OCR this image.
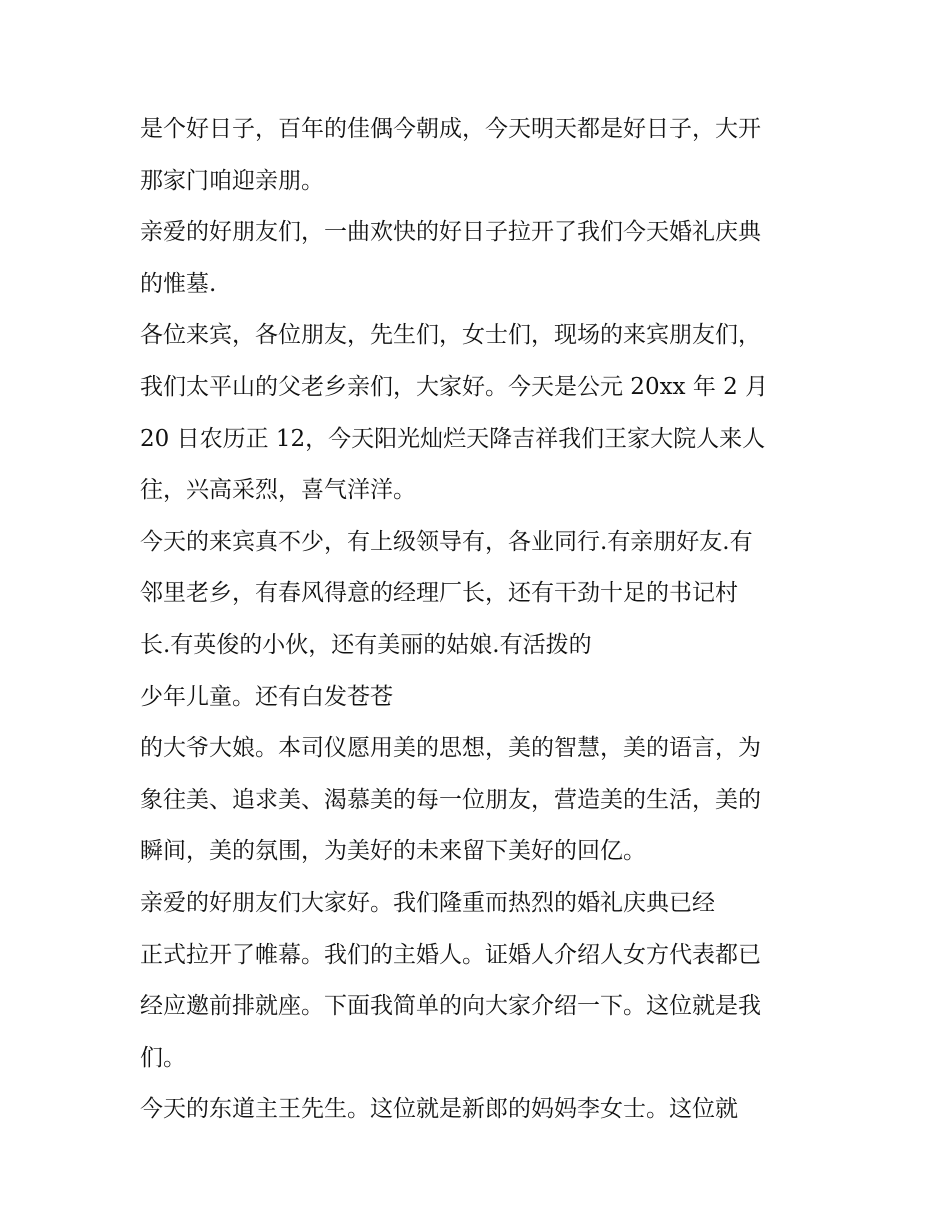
是个好日子，百年的佳偶今朝成，今天明天都是好日子，大开
那家门咱迎亲朋。
亲爱的好朋友们，一曲欢快的好日子拉开了我们今天婚礼庆典
的惟墓.
各位来宾，各位朋友，先生们，女士们，现场的来宾朋友们，
我们太平山的父老乡亲们，大家好。今天是公元 20xx 年 2 月
20 日农历正 12，今天阳光灿烂天降吉祥我们王家大院人来人
往，兴高采烈，喜气洋洋。
今天的来宾真不少，有上级领导有，各业同行.有亲朋好友.有
邻里老乡，有春风得意的经理厂长，还有干劲十足的书记村
长.有英俊的小伙，还有美丽的姑娘.有活拨的
少年儿童。还有白发苍苍
的大爷大娘。本司仪愿用美的思想，美的智慧，美的语言，为
象往美、追求美、渴慕美的每一位朋友，营造美的生活，美的
瞬间，美的氛围，为美好的未来留下美好的回亿。
亲爱的好朋友们大家好。我们隆重而热烈的婚礼庆典已经
正式拉开了帷幕。我们的主婚人。证婚人介绍人女方代表都已
经应邀前排就座。下面我简单的向大家介绍一下。这位就是我
们。
今天的东道主王先生。这位就是新郎的妈妈李女士。这位就
